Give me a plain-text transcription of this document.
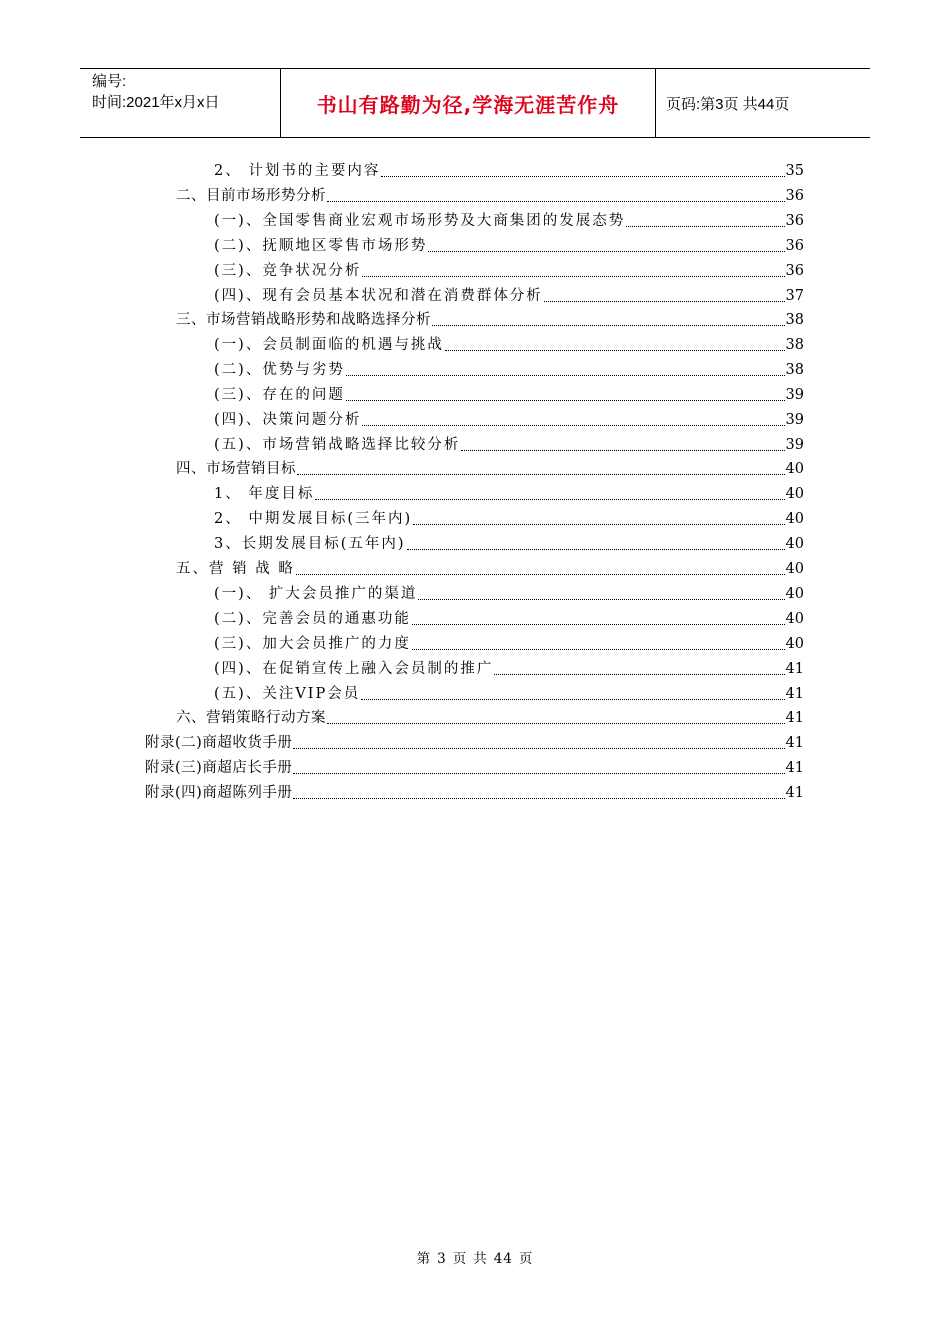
编号:
时间:2021年x月x日	书山有路勤为径,学海无涯苦作舟	页码:第3页 共44页
2、 计划书的主要内容	35
二、目前市场形势分析	36
(一)、全国零售商业宏观市场形势及大商集团的发展态势	36
(二)、抚顺地区零售市场形势	36
(三)、竞争状况分析	36
(四)、现有会员基本状况和潜在消费群体分析	37
三、市场营销战略形势和战略选择分析	38
(一)、会员制面临的机遇与挑战	38
(二)、优势与劣势	38
(三)、存在的问题	39
(四)、决策问题分析	39
(五)、市场营销战略选择比较分析	39
四、市场营销目标	40
1、 年度目标	40
2、 中期发展目标(三年内)	40
3、长期发展目标(五年内)	40
五、营 销 战 略	40
(一)、 扩大会员推广的渠道	40
(二)、完善会员的通惠功能	40
(三)、加大会员推广的力度	40
(四)、在促销宣传上融入会员制的推广	41
(五)、关注VIP会员	41
六、营销策略行动方案	41
附录(二)商超收货手册	41
附录(三)商超店长手册	41
附录(四)商超陈列手册	41
第 3 页 共 44 页
